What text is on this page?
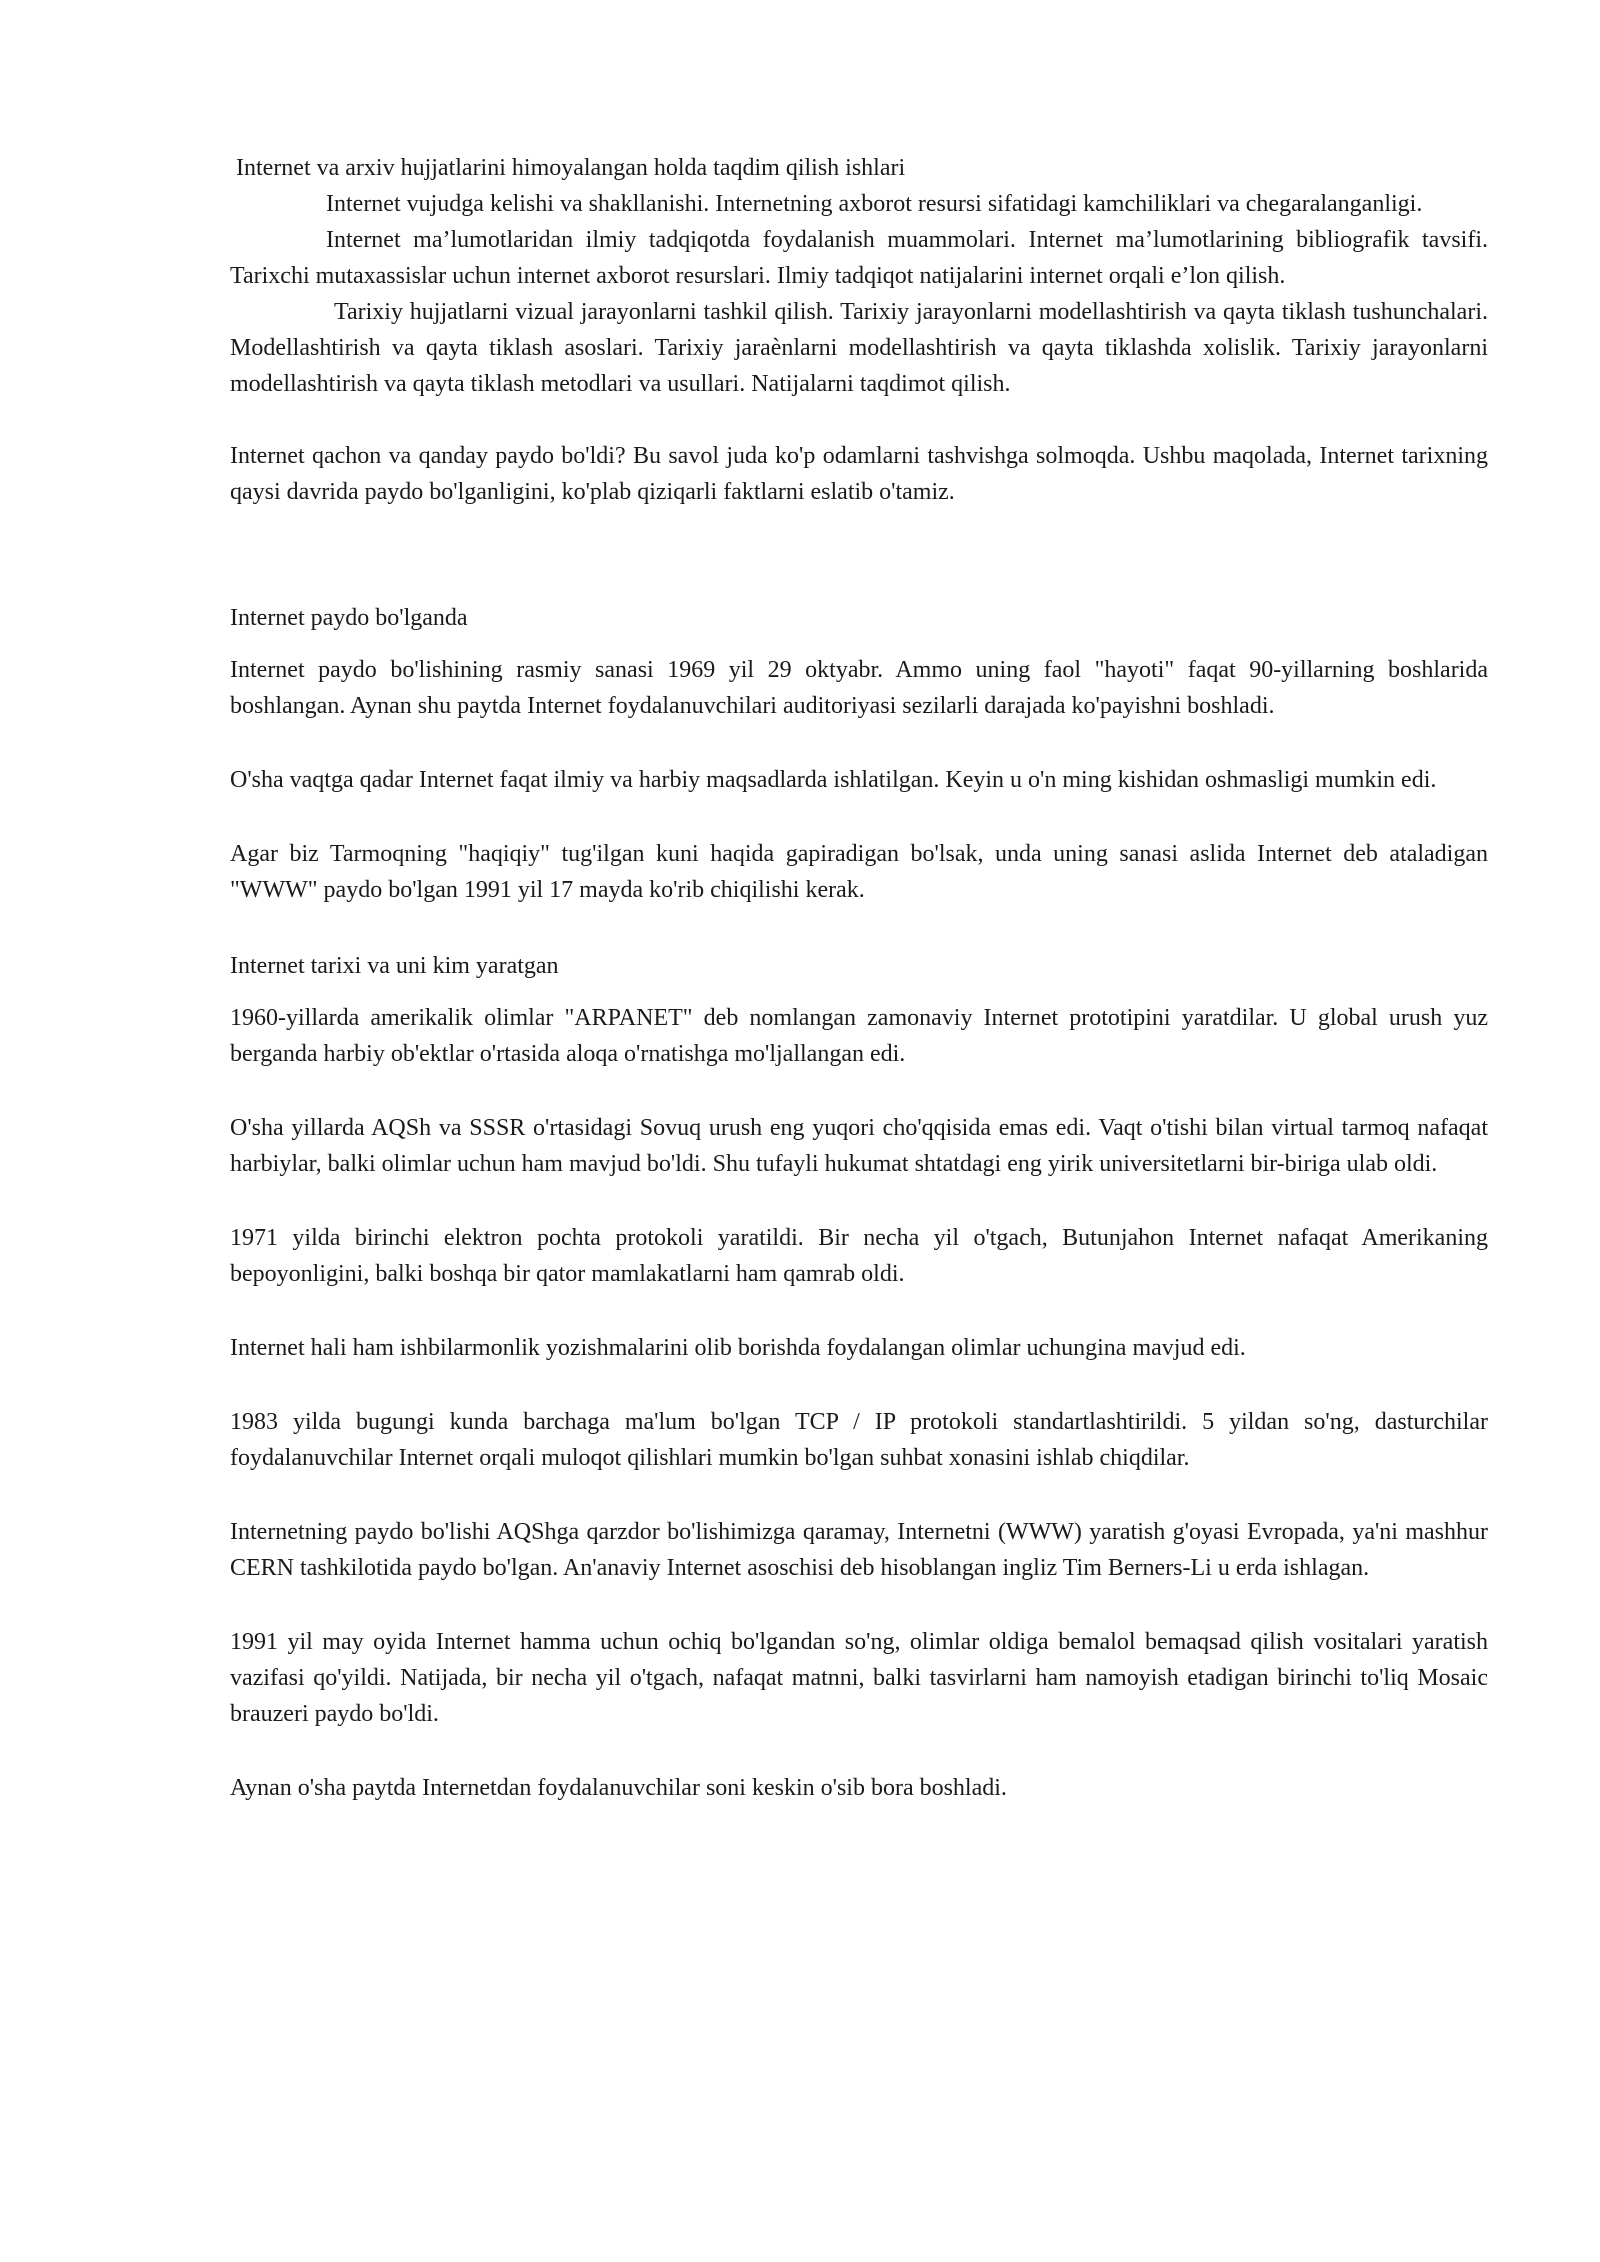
Internet va arxiv hujjatlarini himoyalangan holda taqdim qilish ishlari

Internet vujudga kelishi va shakllanishi. Internetning axborot resursi sifatidagi kamchiliklari va chegaralanganligi.

Internet ma’lumotlaridan ilmiy tadqiqotda foydalanish muammolari. Internet ma’lumotlarining bibliografik tavsifi. Tarixchi mutaxassislar uchun internet axborot resurslari. Ilmiy tadqiqot natijalarini internet orqali e’lon qilish.

Tarixiy hujjatlarni vizual jarayonlarni tashkil qilish. Tarixiy jarayonlarni modellashtirish va qayta tiklash tushunchalari. Modellashtirish va qayta tiklash asoslari. Tarixiy jaraènlarni modellashtirish va qayta tiklashda xolislik. Tarixiy jarayonlarni modellashtirish va qayta tiklash metodlari va usullari. Natijalarni taqdimot qilish.

Internet qachon va qanday paydo bo'ldi? Bu savol juda ko'p odamlarni tashvishga solmoqda. Ushbu maqolada, Internet tarixning qaysi davrida paydo bo'lganligini, ko'plab qiziqarli faktlarni eslatib o'tamiz.

Internet paydo bo'lganda

Internet paydo bo'lishining rasmiy sanasi 1969 yil 29 oktyabr. Ammo uning faol "hayoti" faqat 90-yillarning boshlarida boshlangan. Aynan shu paytda Internet foydalanuvchilari auditoriyasi sezilarli darajada ko'payishni boshladi.

O'sha vaqtga qadar Internet faqat ilmiy va harbiy maqsadlarda ishlatilgan. Keyin u o'n ming kishidan oshmasligi mumkin edi.

Agar biz Tarmoqning "haqiqiy" tug'ilgan kuni haqida gapiradigan bo'lsak, unda uning sanasi aslida Internet deb ataladigan "WWW" paydo bo'lgan 1991 yil 17 mayda ko'rib chiqilishi kerak.

Internet tarixi va uni kim yaratgan

1960-yillarda amerikalik olimlar "ARPANET" deb nomlangan zamonaviy Internet prototipini yaratdilar. U global urush yuz berganda harbiy ob'ektlar o'rtasida aloqa o'rnatishga mo'ljallangan edi.

O'sha yillarda AQSh va SSSR o'rtasidagi Sovuq urush eng yuqori cho'qqisida emas edi. Vaqt o'tishi bilan virtual tarmoq nafaqat harbiylar, balki olimlar uchun ham mavjud bo'ldi. Shu tufayli hukumat shtatdagi eng yirik universitetlarni bir-biriga ulab oldi.

1971 yilda birinchi elektron pochta protokoli yaratildi. Bir necha yil o'tgach, Butunjahon Internet nafaqat Amerikaning bepoyonligini, balki boshqa bir qator mamlakatlarni ham qamrab oldi.

Internet hali ham ishbilarmonlik yozishmalarini olib borishda foydalangan olimlar uchungina mavjud edi.

1983 yilda bugungi kunda barchaga ma'lum bo'lgan TCP / IP protokoli standartlashtirildi. 5 yildan so'ng, dasturchilar foydalanuvchilar Internet orqali muloqot qilishlari mumkin bo'lgan suhbat xonasini ishlab chiqdilar.

Internetning paydo bo'lishi AQShga qarzdor bo'lishimizga qaramay, Internetni (WWW) yaratish g'oyasi Evropada, ya'ni mashhur CERN tashkilotida paydo bo'lgan. An'anaviy Internet asoschisi deb hisoblangan ingliz Tim Berners-Li u erda ishlagan.

1991 yil may oyida Internet hamma uchun ochiq bo'lgandan so'ng, olimlar oldiga bemalol bemaqsad qilish vositalari yaratish vazifasi qo'yildi. Natijada, bir necha yil o'tgach, nafaqat matnni, balki tasvirlarni ham namoyish etadigan birinchi to'liq Mosaic brauzeri paydo bo'ldi.

Aynan o'sha paytda Internetdan foydalanuvchilar soni keskin o'sib bora boshladi.
